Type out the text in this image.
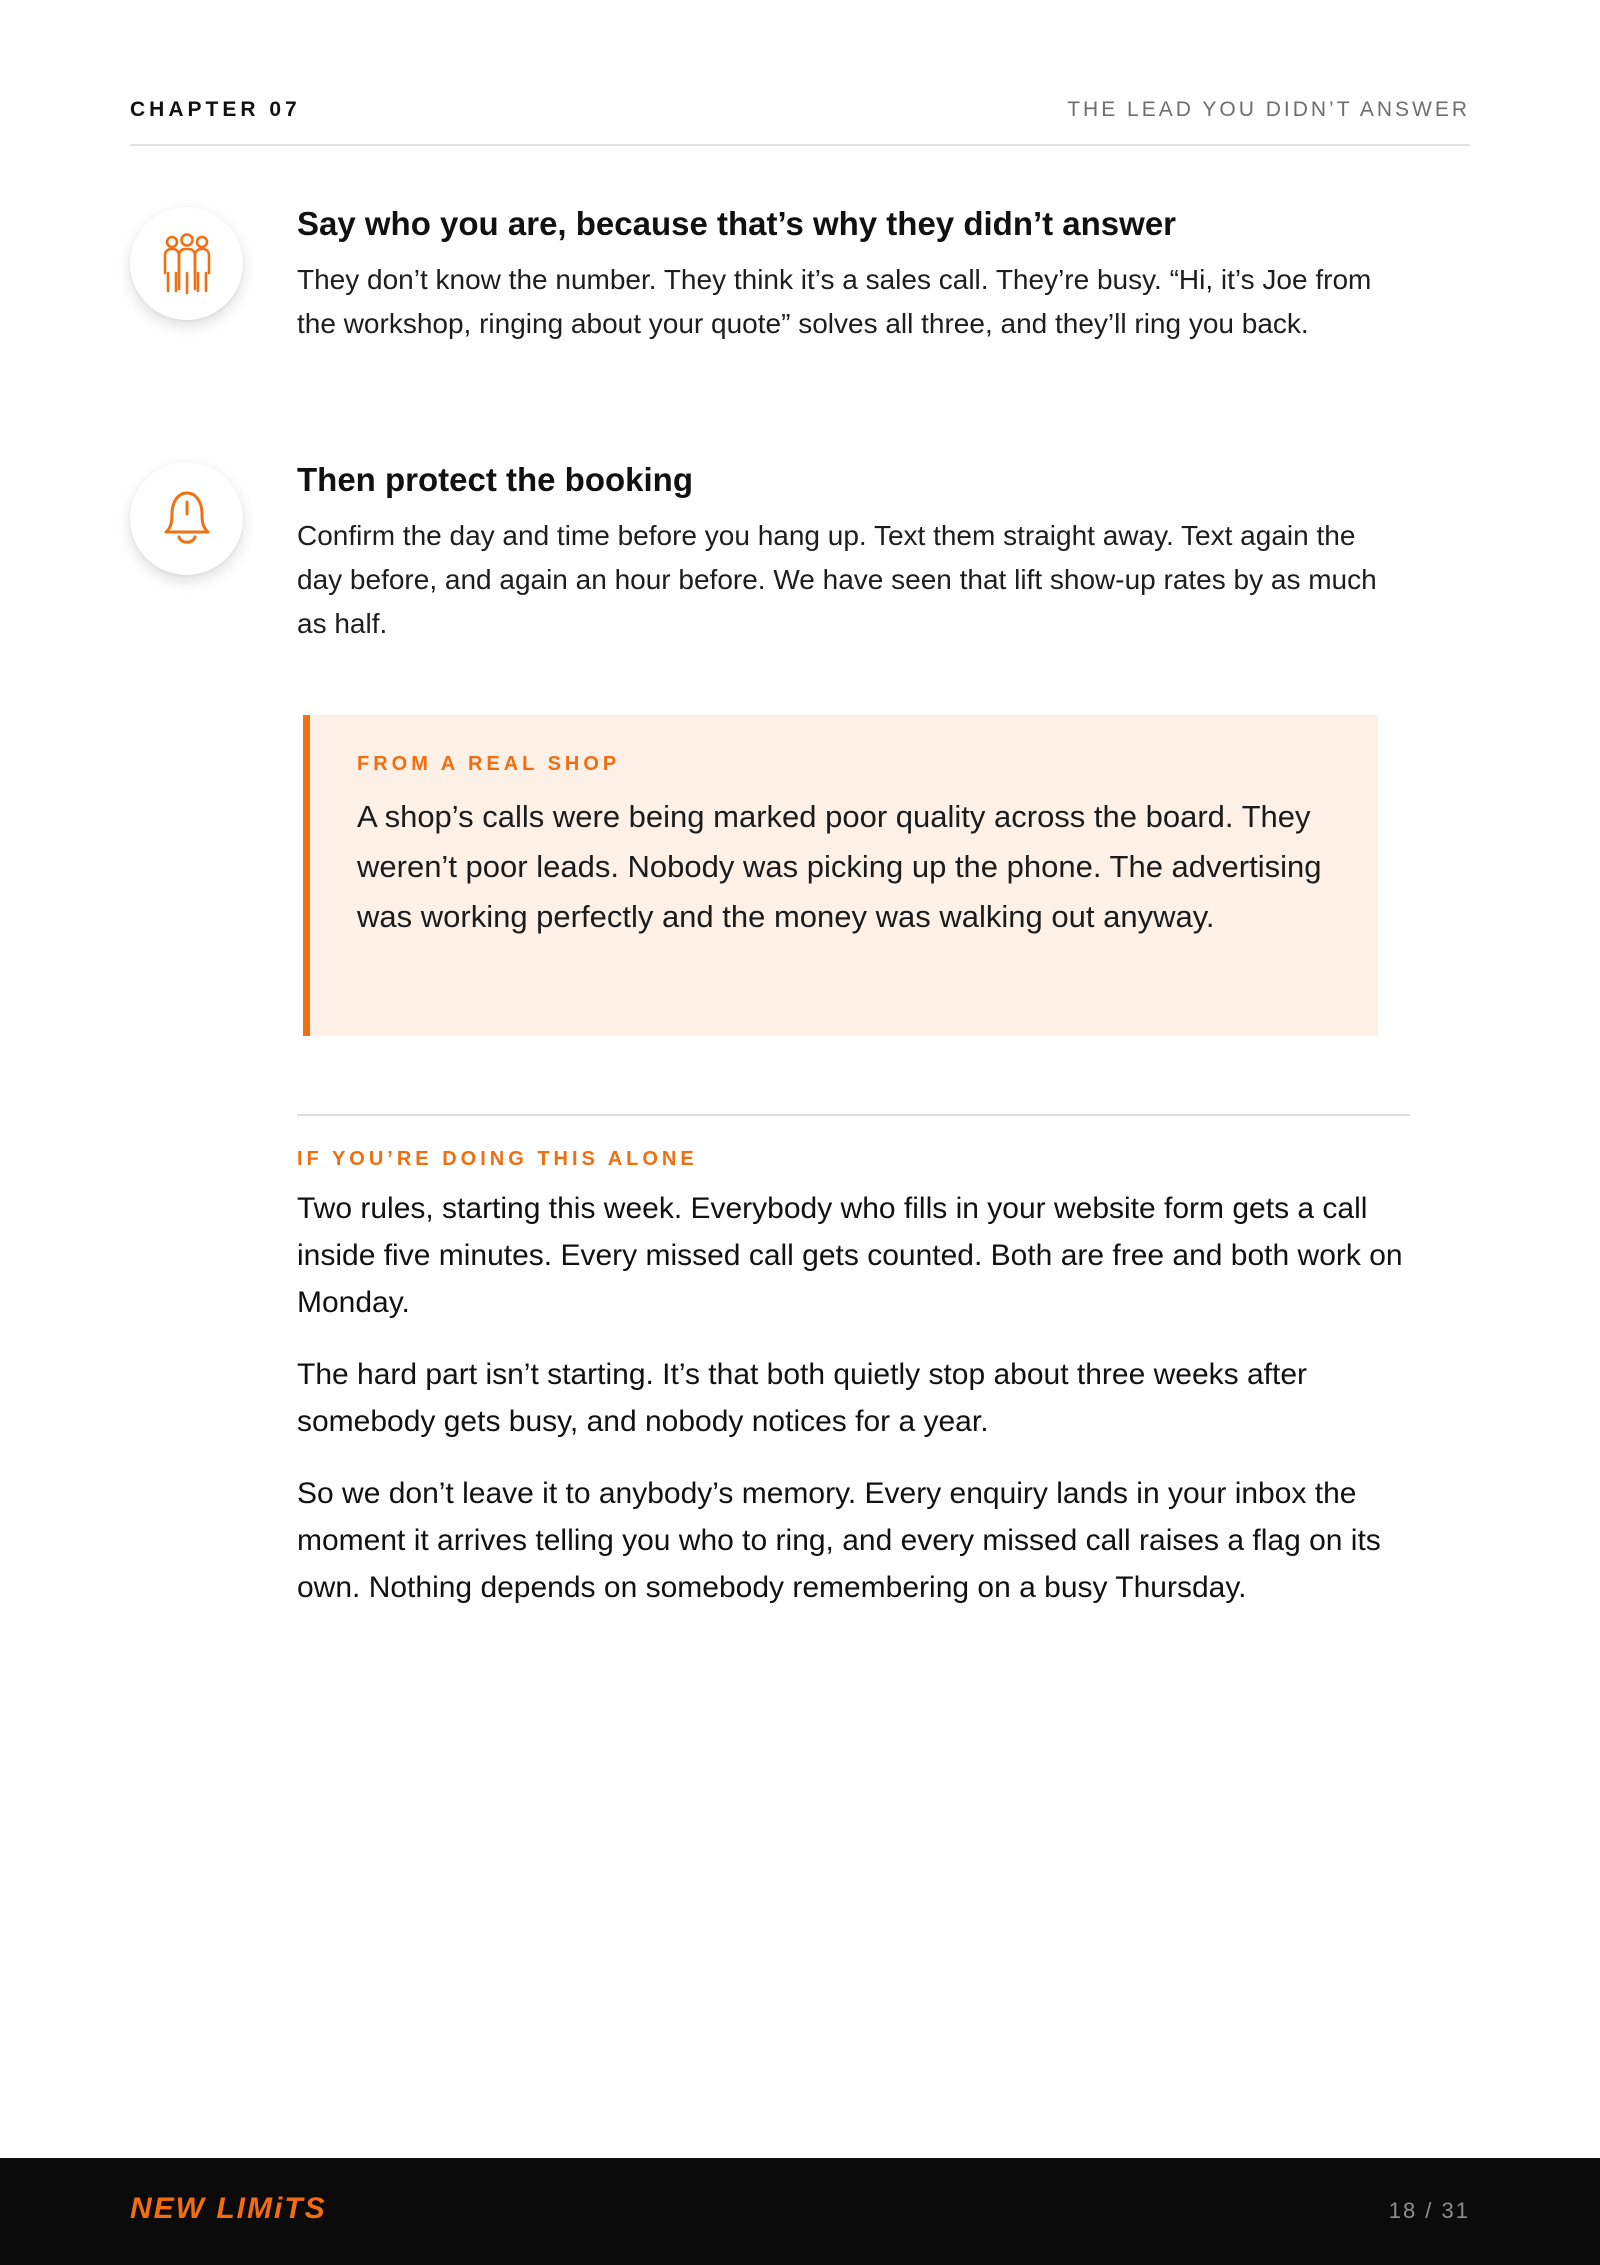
CHAPTER 07	THE LEAD YOU DIDN’T ANSWER
Say who you are, because that’s why they didn’t answer

They don’t know the number. They think it’s a sales call. They’re busy. “Hi, it’s Joe from the workshop, ringing about your quote” solves all three, and they’ll ring you back.

Then protect the booking

Confirm the day and time before you hang up. Text them straight away. Text again the day before, and again an hour before. We have seen that lift show-up rates by as much as half.

FROM A REAL SHOP

A shop’s calls were being marked poor quality across the board. They weren’t poor leads. Nobody was picking up the phone. The advertising was working perfectly and the money was walking out anyway.

IF YOU’RE DOING THIS ALONE

Two rules, starting this week. Everybody who fills in your website form gets a call inside five minutes. Every missed call gets counted. Both are free and both work on Monday.

The hard part isn’t starting. It’s that both quietly stop about three weeks after somebody gets busy, and nobody notices for a year.

So we don’t leave it to anybody’s memory. Every enquiry lands in your inbox the moment it arrives telling you who to ring, and every missed call raises a flag on its own. Nothing depends on somebody remembering on a busy Thursday.

NEW LIMiTS	18 / 31
